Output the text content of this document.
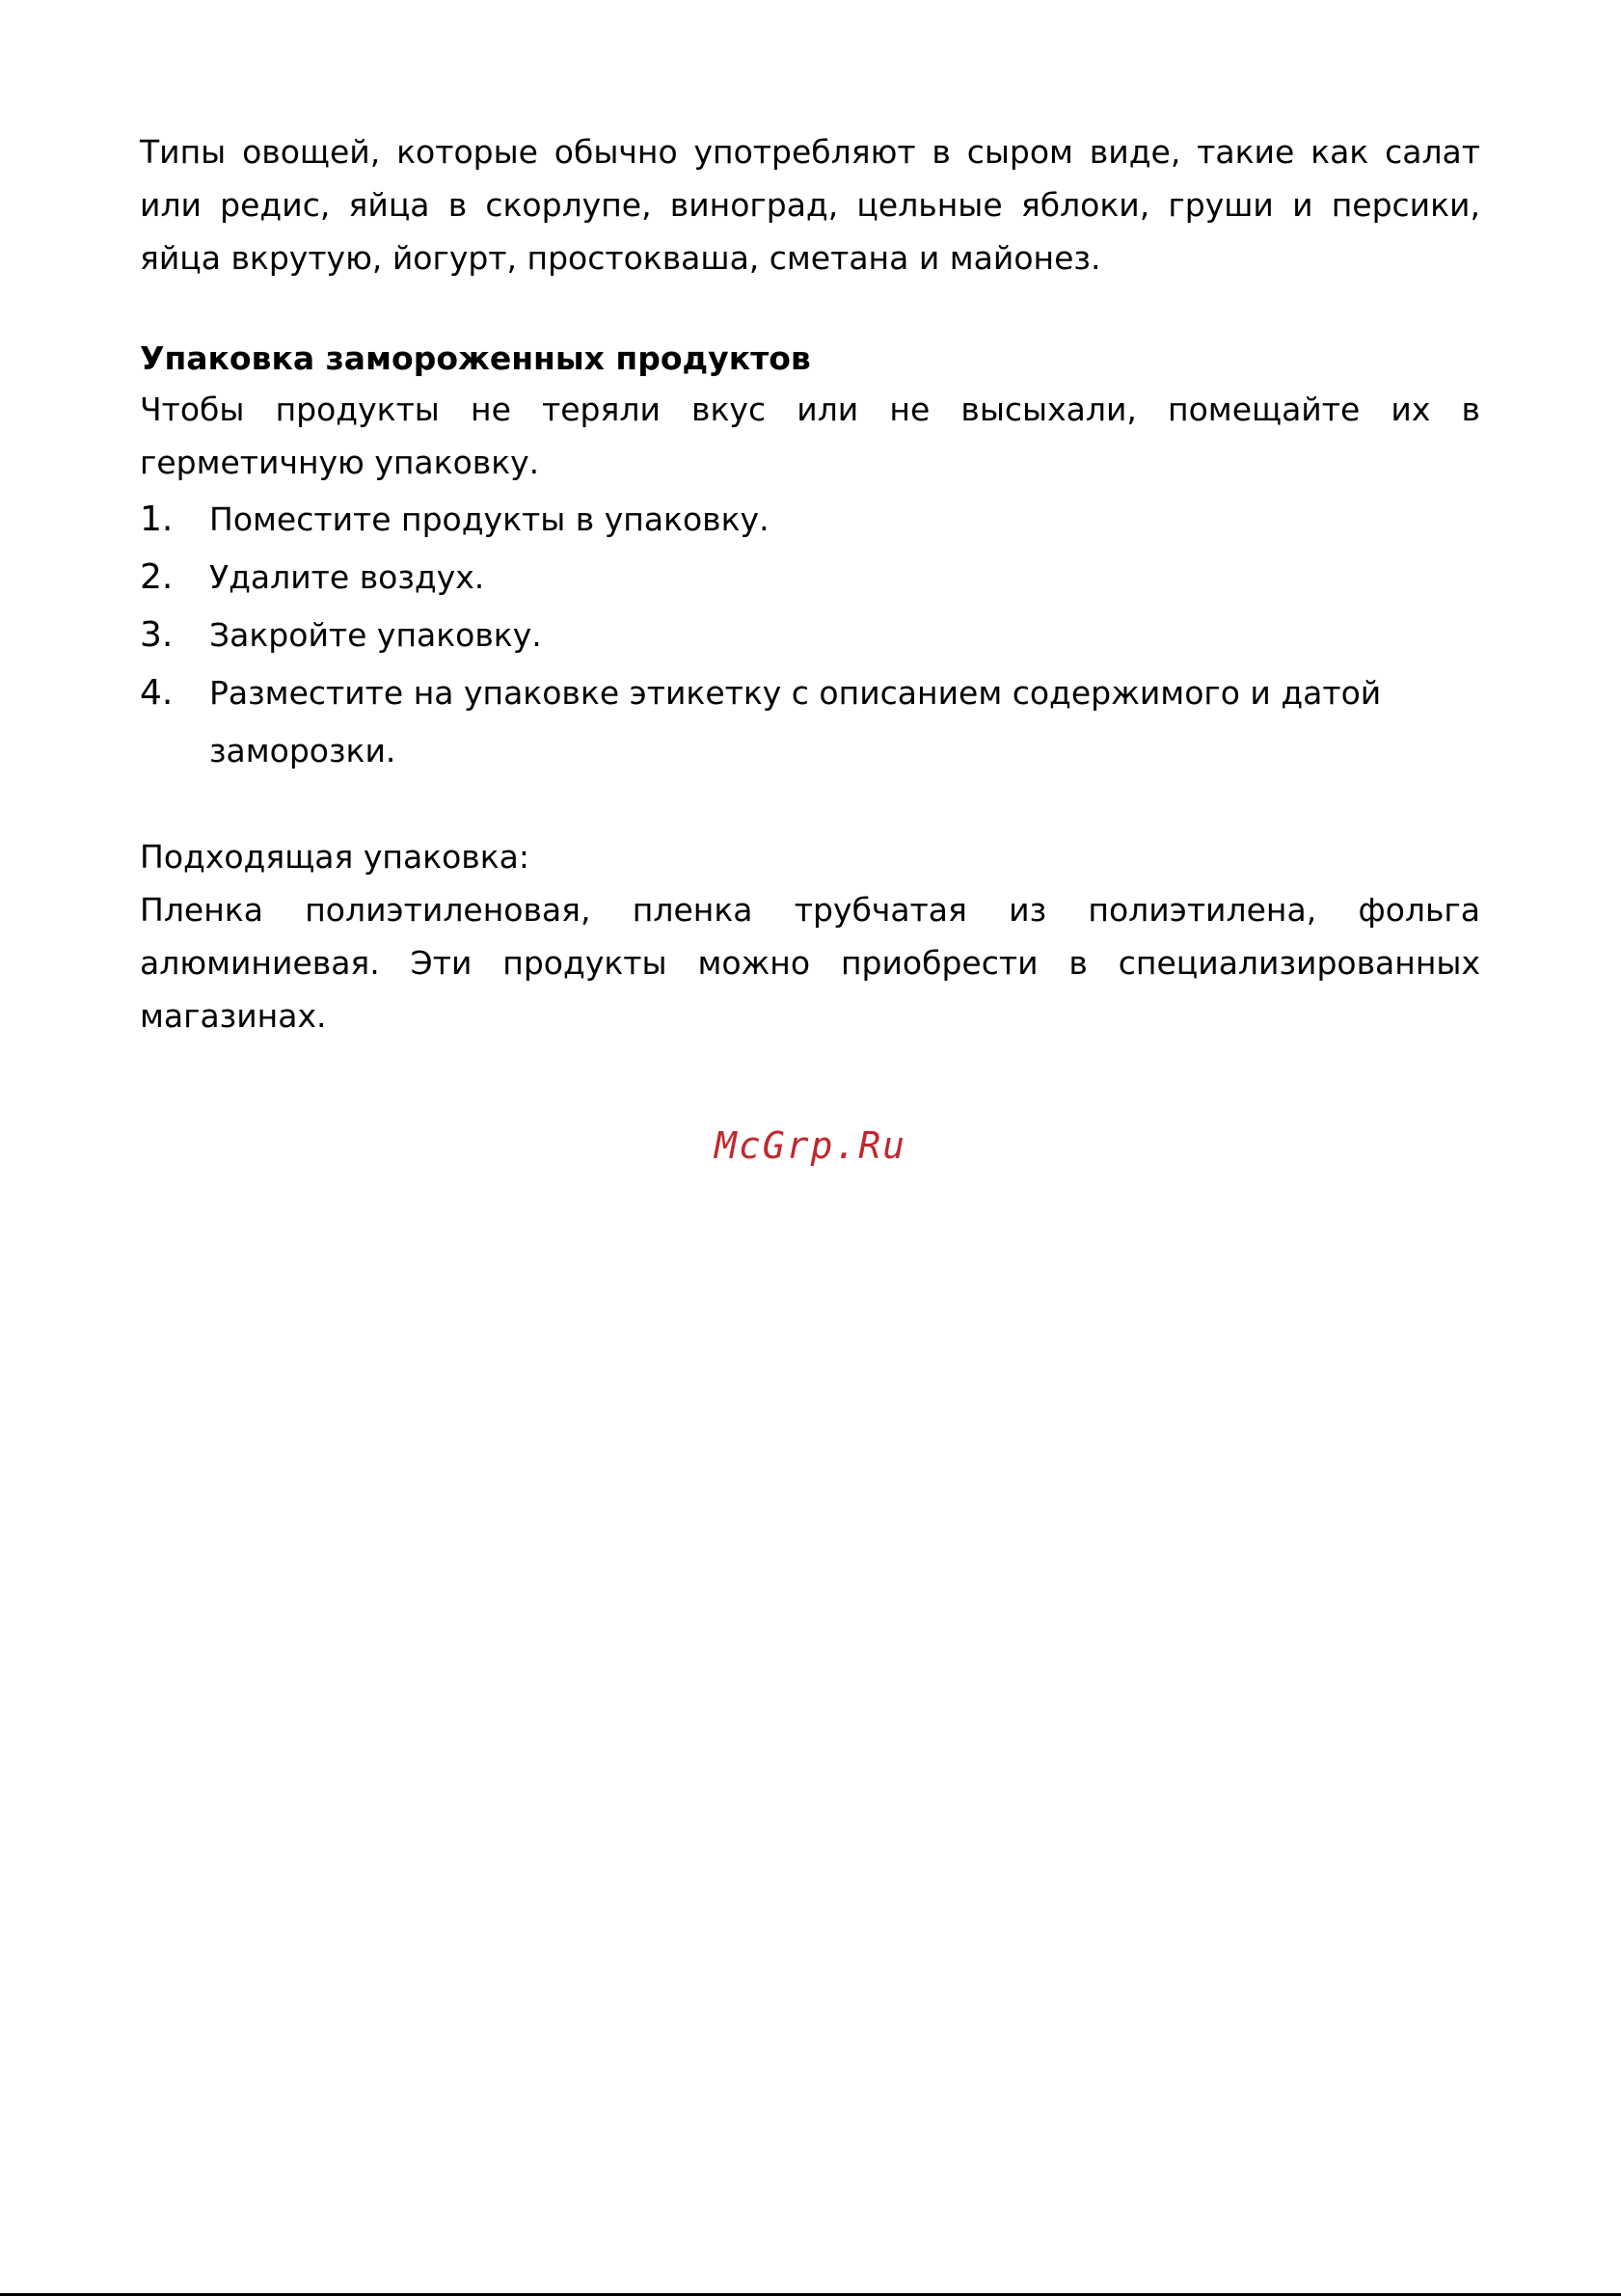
Типы овощей, которые обычно употребляют в сыром виде, такие как салат или редис, яйца в скорлупе, виноград, цельные яблоки, груши и персики, яйца вкрутую, йогурт, простокваша, сметана и майонез.

Упаковка замороженных продуктов

Чтобы продукты не теряли вкус или не высыхали, помещайте их в герметичную упаковку.

1.	Поместите продукты в упаковку.
2.	Удалите воздух.
3.	Закройте упаковку.
4.	Разместите на упаковке этикетку с описанием содержимого и датой заморозки.

Подходящая упаковка:

Пленка полиэтиленовая, пленка трубчатая из полиэтилена, фольга алюминиевая. Эти продукты можно приобрести в специализированных магазинах.

McGrp.Ru
